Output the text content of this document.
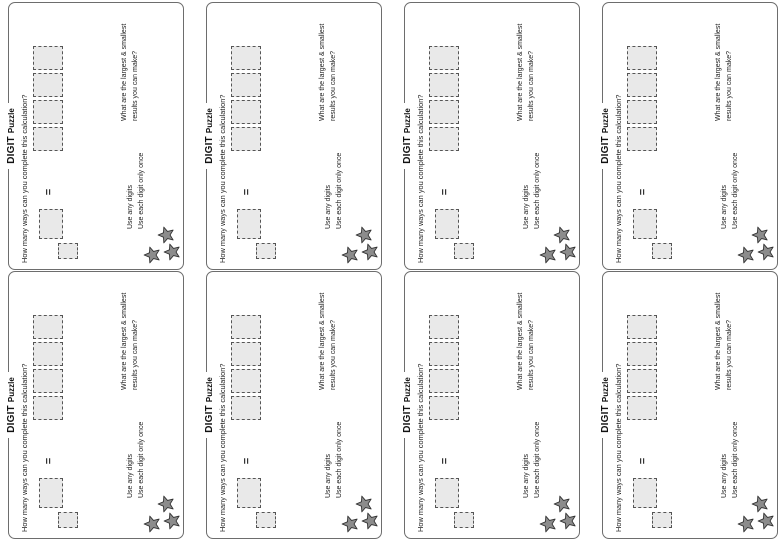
DIGITPuzzle How many ways can you complete this calculation? =	Use any digits Use each digit only once
What are the largest & smallest results you can make?
DIGITPuzzle How many ways can you complete this calculation? =	Use any digits Use each digit only once
What are the largest & smallest results you can make?
DIGITPuzzle How many ways can you complete this calculation? =	Use any digits Use each digit only once
What are the largest & smallest results you can make?
DIGITPuzzle How many ways can you complete this calculation? =	Use any digits Use each digit only once
What are the largest & smallest results you can make?
DIGITPuzzle How many ways can you complete this calculation? =	Use any digits Use each digit only once
What are the largest & smallest results you can make?
DIGITPuzzle How many ways can you complete this calculation? =	Use any digits Use each digit only once
What are the largest & smallest results you can make?
DIGITPuzzle How many ways can you complete this calculation? =	Use any digits Use each digit only once
What are the largest & smallest results you can make?
DIGITPuzzle How many ways can you complete this calculation? =	Use any digits Use each digit only once
What are the largest & smallest results you can make?
